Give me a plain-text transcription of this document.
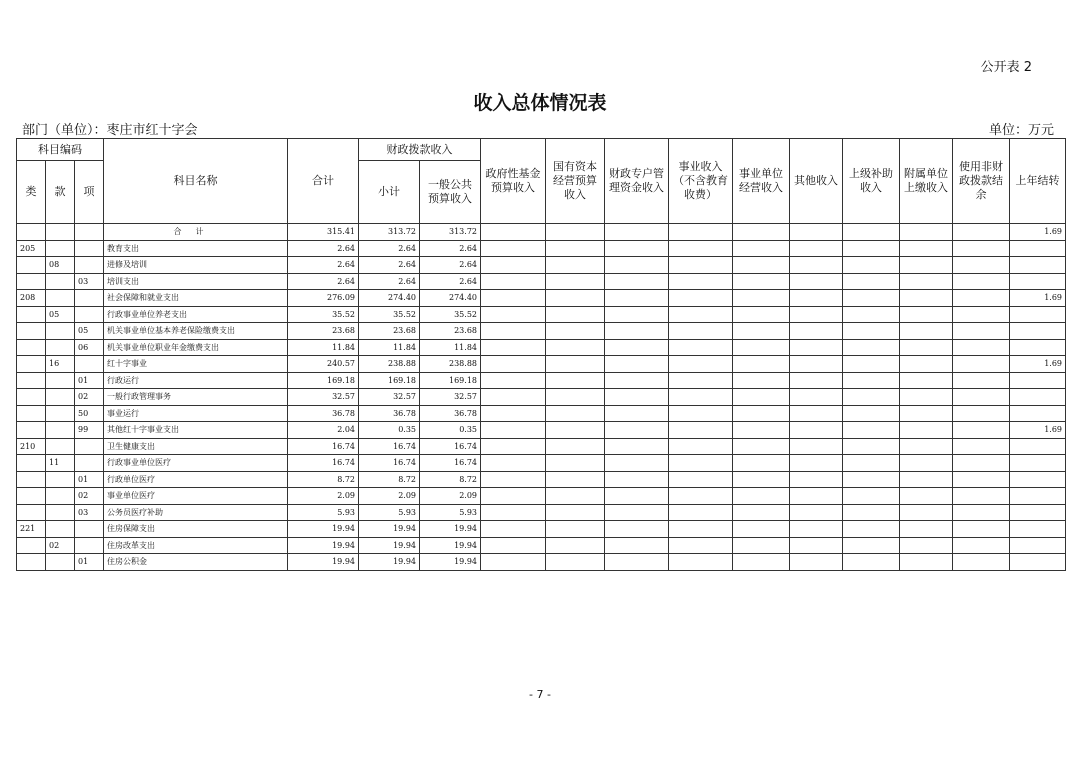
公开表 2
收入总体情况表
部门（单位）：枣庄市红十字会	单位：万元
科目编码			科目名称	合计	财政拨款收入		政府性基金预算收入	国有资本经营预算收入	财政专户管理资金收入	事业收入（不含教育收费）	事业单位经营收入	其他收入	上级补助收入	附属单位上缴收入	使用非财政拨款结余	上年结转
类	款	项			小计	一般公共预算收入										
			合计	315.41	313.72	313.72										1.69
205			教育支出	2.64	2.64	2.64										
	08		进修及培训	2.64	2.64	2.64										
		03	培训支出	2.64	2.64	2.64										
208			社会保障和就业支出	276.09	274.40	274.40										1.69
	05		行政事业单位养老支出	35.52	35.52	35.52										
		05	机关事业单位基本养老保险缴费支出	23.68	23.68	23.68										
		06	机关事业单位职业年金缴费支出	11.84	11.84	11.84										
	16		红十字事业	240.57	238.88	238.88										1.69
		01	行政运行	169.18	169.18	169.18										
		02	一般行政管理事务	32.57	32.57	32.57										
		50	事业运行	36.78	36.78	36.78										
		99	其他红十字事业支出	2.04	0.35	0.35										1.69
210			卫生健康支出	16.74	16.74	16.74										
	11		行政事业单位医疗	16.74	16.74	16.74										
		01	行政单位医疗	8.72	8.72	8.72										
		02	事业单位医疗	2.09	2.09	2.09										
		03	公务员医疗补助	5.93	5.93	5.93										
221			住房保障支出	19.94	19.94	19.94										
	02		住房改革支出	19.94	19.94	19.94										
		01	住房公积金	19.94	19.94	19.94										
- 7 -
